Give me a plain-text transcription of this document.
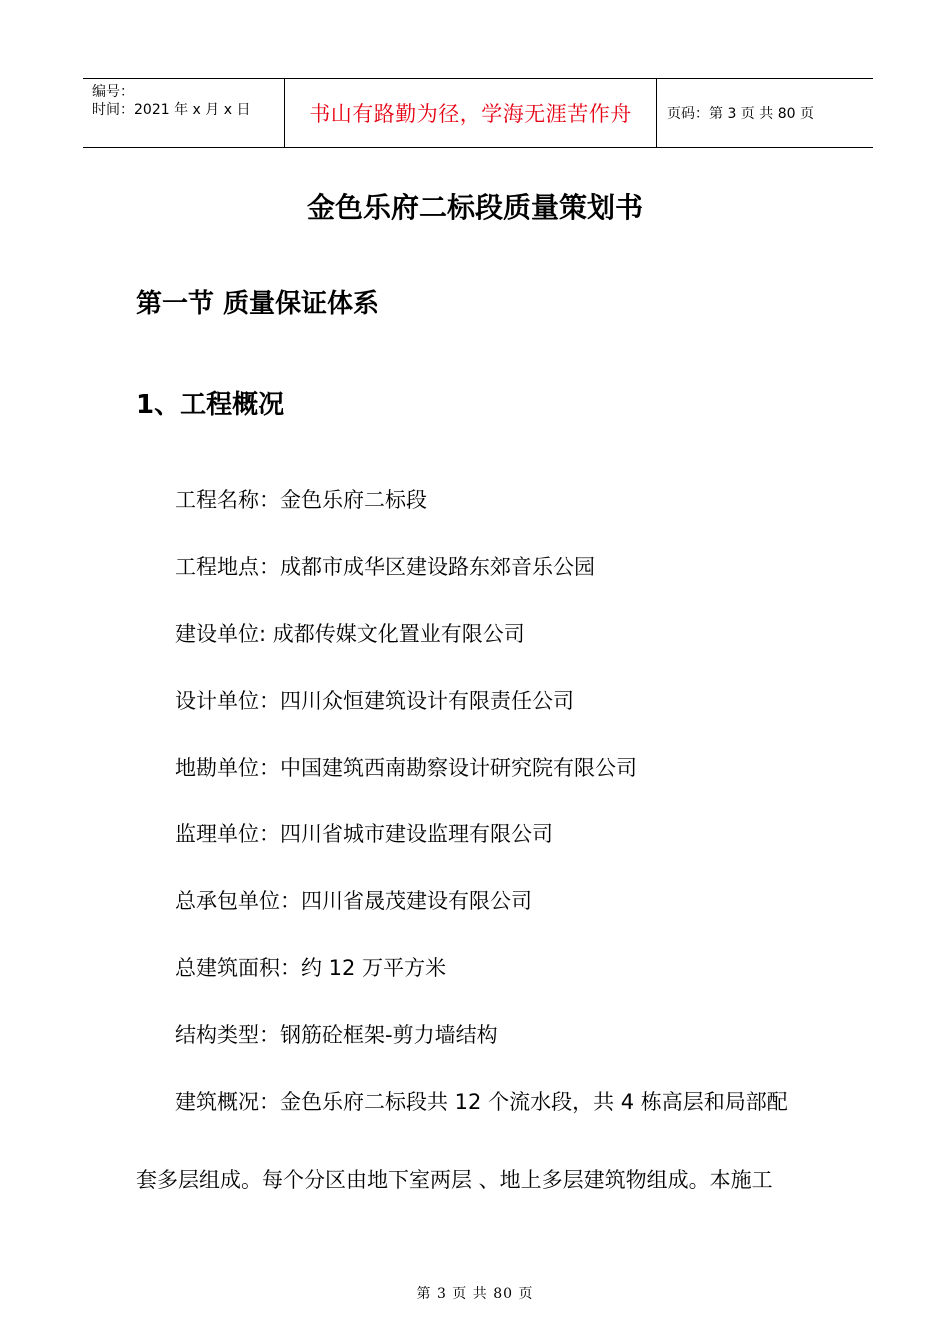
编号：
时间：2021 年 x 月 x 日	书山有路勤为径，学海无涯苦作舟	页码：第 3 页 共 80 页
金色乐府二标段质量策划书
第一节 质量保证体系
1、工程概况
工程名称：金色乐府二标段
工程地点：成都市成华区建设路东郊音乐公园
建设单位: 成都传媒文化置业有限公司
设计单位：四川众恒建筑设计有限责任公司
地勘单位：中国建筑西南勘察设计研究院有限公司
监理单位：四川省城市建设监理有限公司
总承包单位：四川省晟茂建设有限公司
总建筑面积：约 12 万平方米
结构类型：钢筋砼框架-剪力墙结构
建筑概况：金色乐府二标段共 12 个流水段，共 4 栋高层和局部配
套多层组成。每个分区由地下室两层 、地上多层建筑物组成。本施工
第 3 页 共 80 页
